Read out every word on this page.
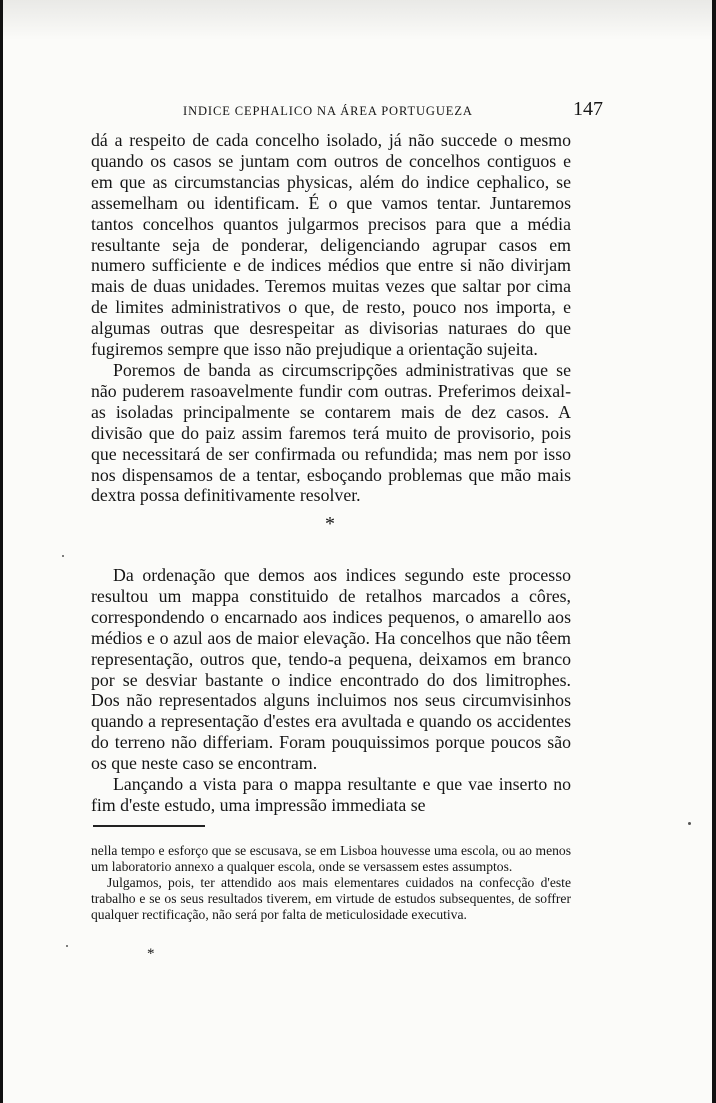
INDICE CEPHALICO NA ÁREA PORTUGUEZA	147

dá a respeito de cada concelho isolado, já não succede o mesmo quando os casos se juntam com outros de concelhos contiguos e em que as circumstancias physicas, além do indice cephalico, se assemelham ou identificam. É o que vamos tentar. Juntaremos tantos concelhos quantos julgarmos precisos para que a média resultante seja de ponderar, deligenciando agrupar casos em numero sufficiente e de indices médios que entre si não divirjam mais de duas unidades. Teremos muitas vezes que saltar por cima de limites administrativos o que, de resto, pouco nos importa, e algumas outras que desrespeitar as divisorias naturaes do que fugiremos sempre que isso não prejudique a orientação sujeita.

Poremos de banda as circumscripções administrativas que se não puderem rasoavelmente fundir com outras. Preferimos deixal-as isoladas principalmente se contarem mais de dez casos. A divisão que do paiz assim faremos terá muito de provisorio, pois que necessitará de ser confirmada ou refundida; mas nem por isso nos dispensamos de a tentar, esboçando problemas que mão mais dextra possa definitivamente resolver.

*

Da ordenação que demos aos indices segundo este processo resultou um mappa constituido de retalhos marcados a côres, correspondendo o encarnado aos indices pequenos, o amarello aos médios e o azul aos de maior elevação. Ha concelhos que não têem representação, outros que, tendo-a pequena, deixamos em branco por se desviar bastante o indice encontrado do dos limitrophes. Dos não representados alguns incluimos nos seus circumvisinhos quando a representação d'estes era avultada e quando os accidentes do terreno não differiam. Foram pouquissimos porque poucos são os que neste caso se encontram.

Lançando a vista para o mappa resultante e que vae inserto no fim d'este estudo, uma impressão immediata se

nella tempo e esforço que se escusava, se em Lisboa houvesse uma escola, ou ao menos um laboratorio annexo a qualquer escola, onde se versassem estes assumptos.

Julgamos, pois, ter attendido aos mais elementares cuidados na confecção d'este trabalho e se os seus resultados tiverem, em virtude de estudos subsequentes, de soffrer qualquer rectificação, não será por falta de meticulosidade executiva.

*
